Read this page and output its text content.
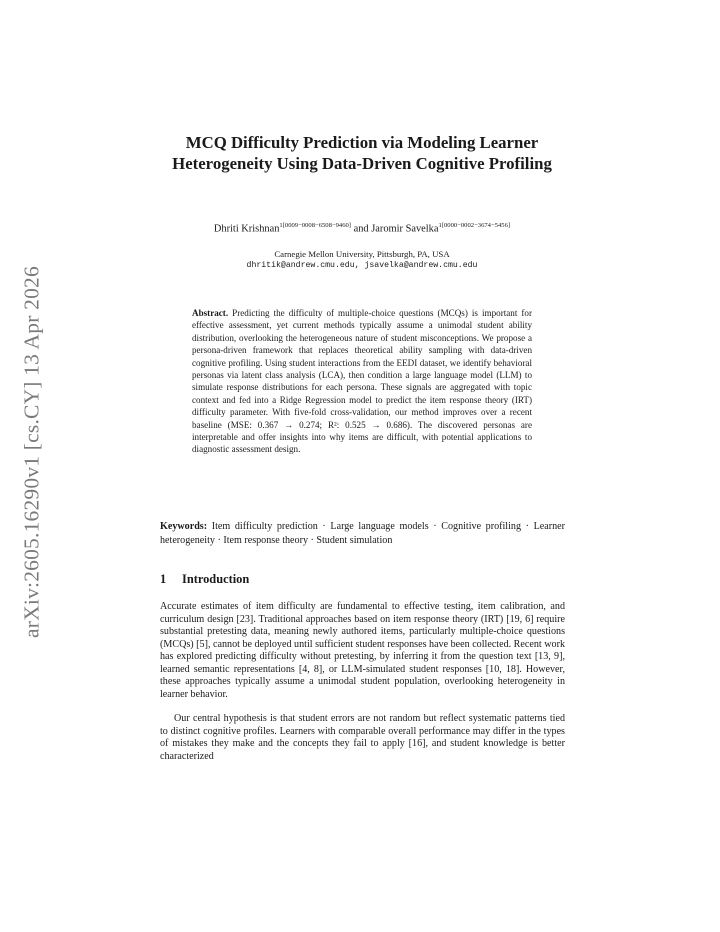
arXiv:2605.16290v1 [cs.CY] 13 Apr 2026
MCQ Difficulty Prediction via Modeling Learner Heterogeneity Using Data-Driven Cognitive Profiling
Dhriti Krishnan$^{1[0009-0008-6508-9460]}$ and Jaromir Savelka$^{1[0000-0002-3674-5456]}$
Carnegie Mellon University, Pittsburgh, PA, USA
dhritik@andrew.cmu.edu, jsavelka@andrew.cmu.edu

Abstract. Predicting the difficulty of multiple-choice questions (MCQs) is important for effective assessment, yet current methods typically assume a unimodal student ability distribution, overlooking the heterogeneous nature of student misconceptions. We propose a persona-driven framework that replaces theoretical ability sampling with data-driven cognitive profiling. Using student interactions from the EEDI dataset, we identify behavioral personas via latent class analysis (LCA), then condition a large language model (LLM) to simulate response distributions for each persona. These signals are aggregated with topic context and fed into a Ridge Regression model to predict the item response theory (IRT) difficulty parameter. With five-fold cross-validation, our method improves over a recent baseline (MSE: 0.367 → 0.274; R²: 0.525 → 0.686). The discovered personas are interpretable and offer insights into why items are difficult, with potential applications to diagnostic assessment design.

Keywords: Item difficulty prediction · Large language models · Cognitive profiling · Learner heterogeneity · Item response theory · Student simulation

1 Introduction

Accurate estimates of item difficulty are fundamental to effective testing, item calibration, and curriculum design [23]. Traditional approaches based on item response theory (IRT) [19, 6] require substantial pretesting data, meaning newly authored items, particularly multiple-choice questions (MCQs) [5], cannot be deployed until sufficient student responses have been collected. Recent work has explored predicting difficulty without pretesting, by inferring it from the question text [13, 9], learned semantic representations [4, 8], or LLM-simulated student responses [10, 18]. However, these approaches typically assume a unimodal student population, overlooking heterogeneity in learner behavior.

Our central hypothesis is that student errors are not random but reflect systematic patterns tied to distinct cognitive profiles. Learners with comparable overall performance may differ in the types of mistakes they make and the concepts they fail to apply [16], and student knowledge is better characterized
